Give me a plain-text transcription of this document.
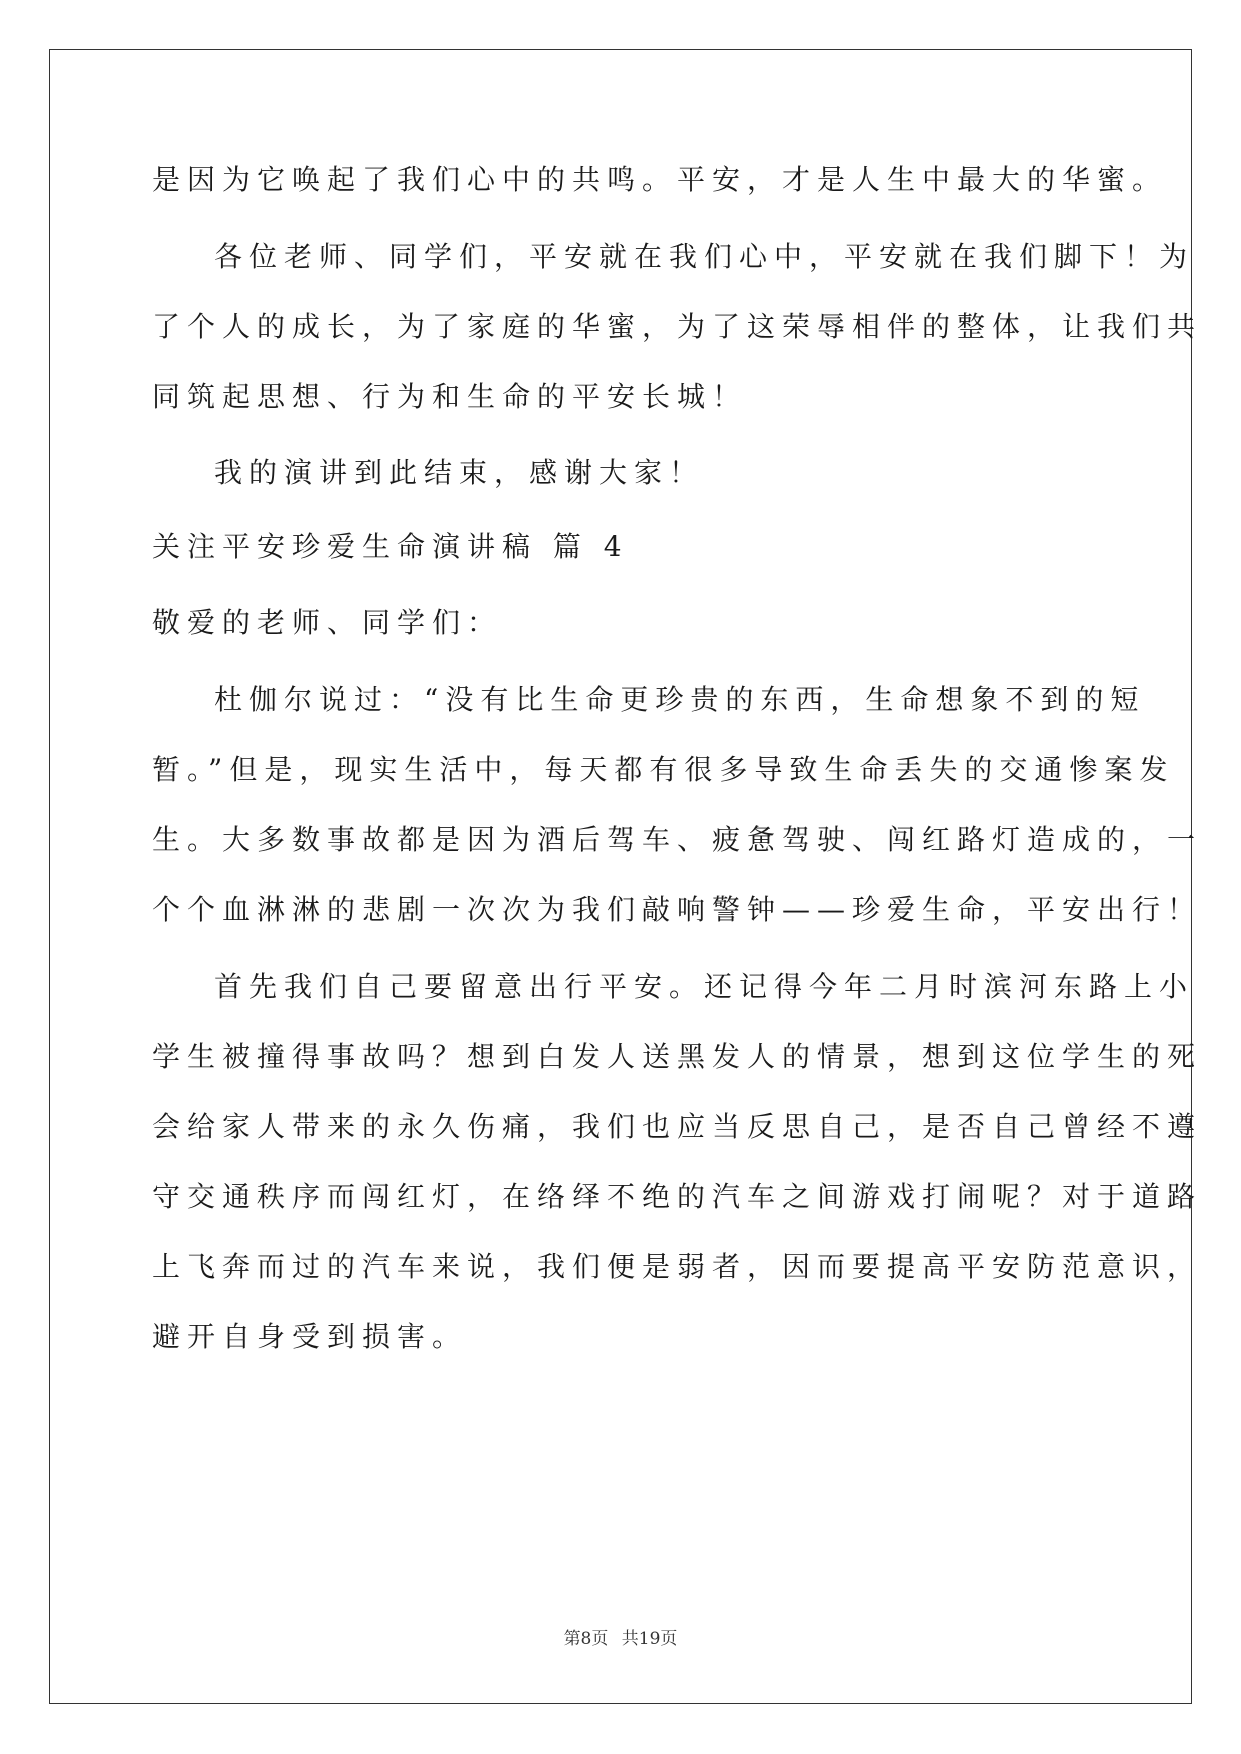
是因为它唤起了我们心中的共鸣。平安，才是人生中最大的华蜜。
各位老师、同学们，平安就在我们心中，平安就在我们脚下！为
了个人的成长，为了家庭的华蜜，为了这荣辱相伴的整体，让我们共
同筑起思想、行为和生命的平安长城！
我的演讲到此结束，感谢大家！
关注平安珍爱生命演讲稿 篇 4
敬爱的老师、同学们：
杜伽尔说过：“没有比生命更珍贵的东西，生命想象不到的短
暂。”但是，现实生活中，每天都有很多导致生命丢失的交通惨案发
生。大多数事故都是因为酒后驾车、疲惫驾驶、闯红路灯造成的，一
个个血淋淋的悲剧一次次为我们敲响警钟——珍爱生命，平安出行！
首先我们自己要留意出行平安。还记得今年二月时滨河东路上小
学生被撞得事故吗？想到白发人送黑发人的情景，想到这位学生的死
会给家人带来的永久伤痛，我们也应当反思自己，是否自己曾经不遵
守交通秩序而闯红灯，在络绎不绝的汽车之间游戏打闹呢？对于道路
上飞奔而过的汽车来说，我们便是弱者，因而要提高平安防范意识，
避开自身受到损害。
第8页 共19页
